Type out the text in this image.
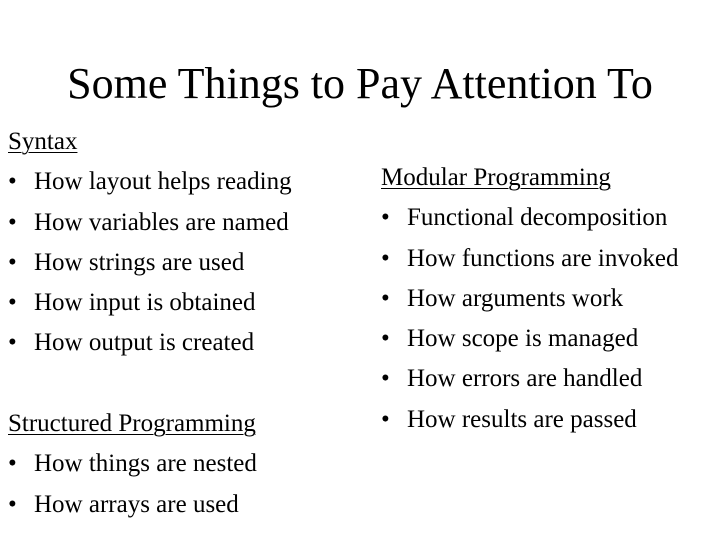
Some Things to Pay Attention To
Syntax
• How layout helps reading
• How variables are named
• How strings are used
• How input is obtained
• How output is created
Structured Programming
• How things are nested
• How arrays are used
Modular Programming
• Functional decomposition
• How functions are invoked
• How arguments work
• How scope is managed
• How errors are handled
• How results are passed
